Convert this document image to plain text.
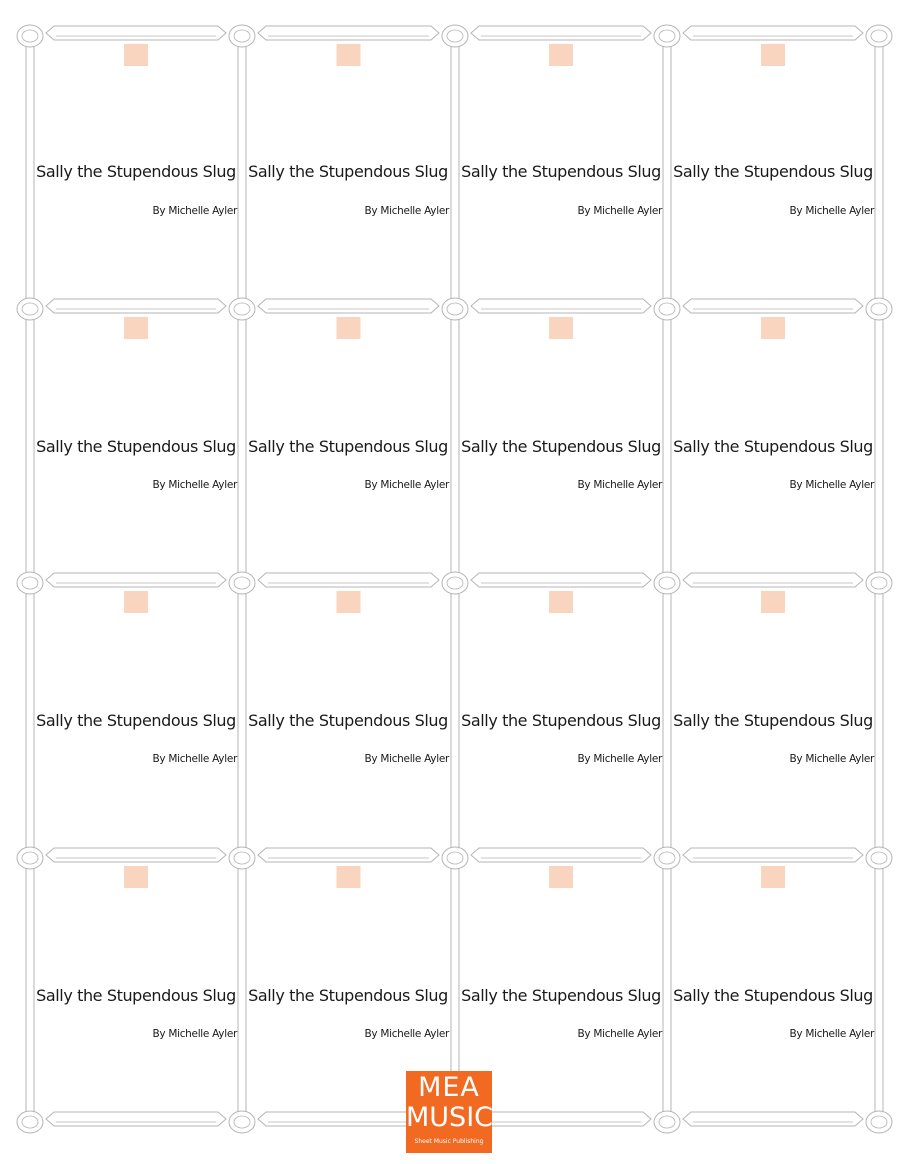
Sally the Stupendous Slug
By Michelle Ayler
Sally the Stupendous Slug
By Michelle Ayler
Sally the Stupendous Slug
By Michelle Ayler
Sally the Stupendous Slug
By Michelle Ayler
Sally the Stupendous Slug
By Michelle Ayler
Sally the Stupendous Slug
By Michelle Ayler
Sally the Stupendous Slug
By Michelle Ayler
Sally the Stupendous Slug
By Michelle Ayler
Sally the Stupendous Slug
By Michelle Ayler
Sally the Stupendous Slug
By Michelle Ayler
Sally the Stupendous Slug
By Michelle Ayler
Sally the Stupendous Slug
By Michelle Ayler
Sally the Stupendous Slug
By Michelle Ayler
Sally the Stupendous Slug
By Michelle Ayler
Sally the Stupendous Slug
By Michelle Ayler
Sally the Stupendous Slug
By Michelle Ayler
MEA
MUSIC
Sheet Music Publishing
